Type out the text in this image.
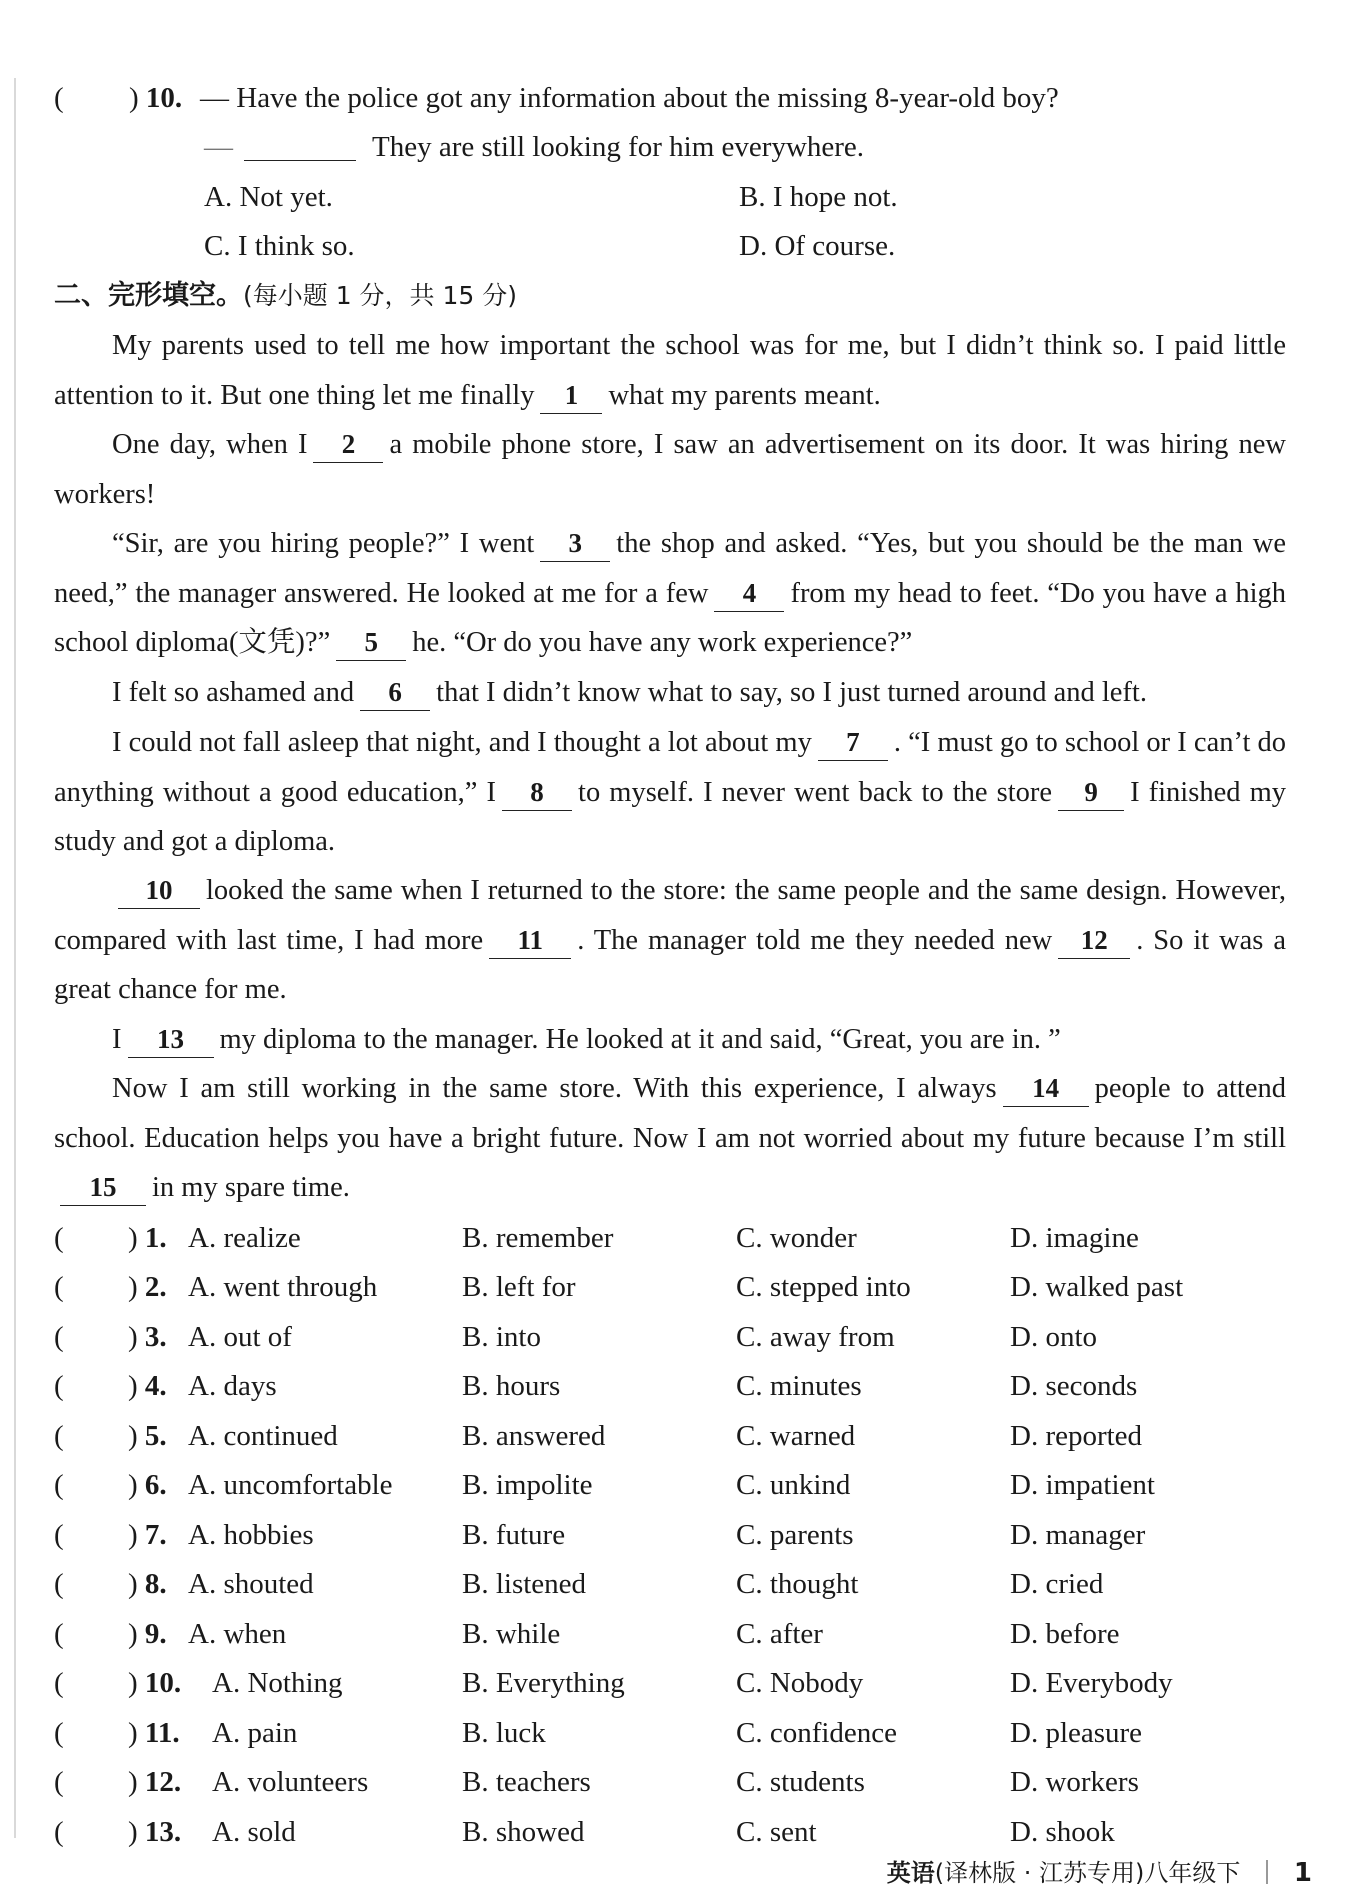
( ) 10. — Have the police got any information about the missing 8-year-old boy?
—	They are still looking for him everywhere.
A. Not yet.	B. I hope not.
C. I think so.	D. Of course.
二、完形填空。(每小题 1 分，共 15 分)
My parents used to tell me how important the school was for me, but I didn’t think so. I paid little attention to it. But one thing let me finally 1 what my parents meant.
One day, when I 2 a mobile phone store, I saw an advertisement on its door. It was hiring new workers!
“Sir, are you hiring people?” I went 3 the shop and asked. “Yes, but you should be the man we need,” the manager answered. He looked at me for a few 4 from my head to feet. “Do you have a high school diploma(文凭)?” 5 he. “Or do you have any work experience?”
I felt so ashamed and 6 that I didn’t know what to say, so I just turned around and left.
I could not fall asleep that night, and I thought a lot about my 7 . “I must go to school or I can’t do anything without a good education,” I 8 to myself. I never went back to the store 9 I finished my study and got a diploma.
10 looked the same when I returned to the store: the same people and the same design. However, compared with last time, I had more 11 . The manager told me they needed new 12 . So it was a great chance for me.
I 13 my diploma to the manager. He looked at it and said, “Great, you are in. ”
Now I am still working in the same store. With this experience, I always 14 people to attend school. Education helps you have a bright future. Now I am not worried about my future because I’m still15 in my spare time.
( ) 1. A. realize	B. remember	C. wonder	D. imagine
( ) 2. A. went through	B. left for	C. stepped into	D. walked past
( ) 3. A. out of	B. into	C. away from	D. onto
( ) 4. A. days	B. hours	C. minutes	D. seconds
( ) 5. A. continued	B. answered	C. warned	D. reported
( ) 6. A. uncomfortable B. impolite	C. unkind	D. impatient
( ) 7. A. hobbies	B. future	C. parents	D. manager
( ) 8. A. shouted	B. listened	C. thought	D. cried
( ) 9. A. when	B. while	C. after	D. before
( ) 10. A. Nothing	B. Everything	C. Nobody	D. Everybody
( ) 11. A. pain	B. luck	C. confidence	D. pleasure
( ) 12. A. volunteers	B. teachers	C. students	D. workers
( ) 13. A. sold	B. showed	C. sent	D. shook
英语(译林版 · 江苏专用)八年级下 1
